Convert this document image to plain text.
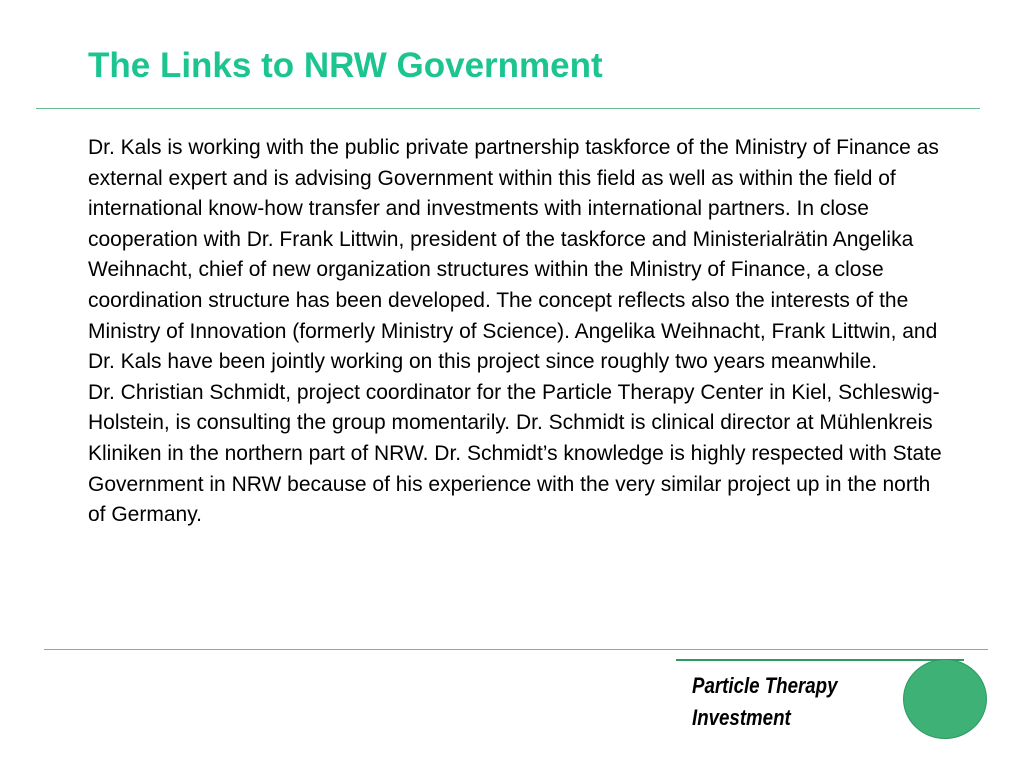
The Links to NRW Government

Dr. Kals is working with the public private partnership taskforce of the Ministry of Finance as external expert and is advising Government within this field as well as within the field of international know-how transfer and investments with international partners. In close cooperation with Dr. Frank Littwin, president of the taskforce and Ministerialrätin Angelika Weihnacht, chief of new organization structures within the Ministry of Finance, a close coordination structure has been developed. The concept reflects also the interests of the Ministry of Innovation (formerly Ministry of Science). Angelika Weihnacht, Frank Littwin, and Dr. Kals have been jointly working on this project since roughly two years meanwhile.

Dr. Christian Schmidt, project coordinator for the Particle Therapy Center in Kiel, Schleswig-Holstein, is consulting the group momentarily. Dr. Schmidt is clinical director at Mühlenkreis Kliniken in the northern part of NRW. Dr. Schmidt’s knowledge is highly respected with State Government in NRW because of his experience with the very similar project up in the north of Germany.

Particle Therapy
Investment
